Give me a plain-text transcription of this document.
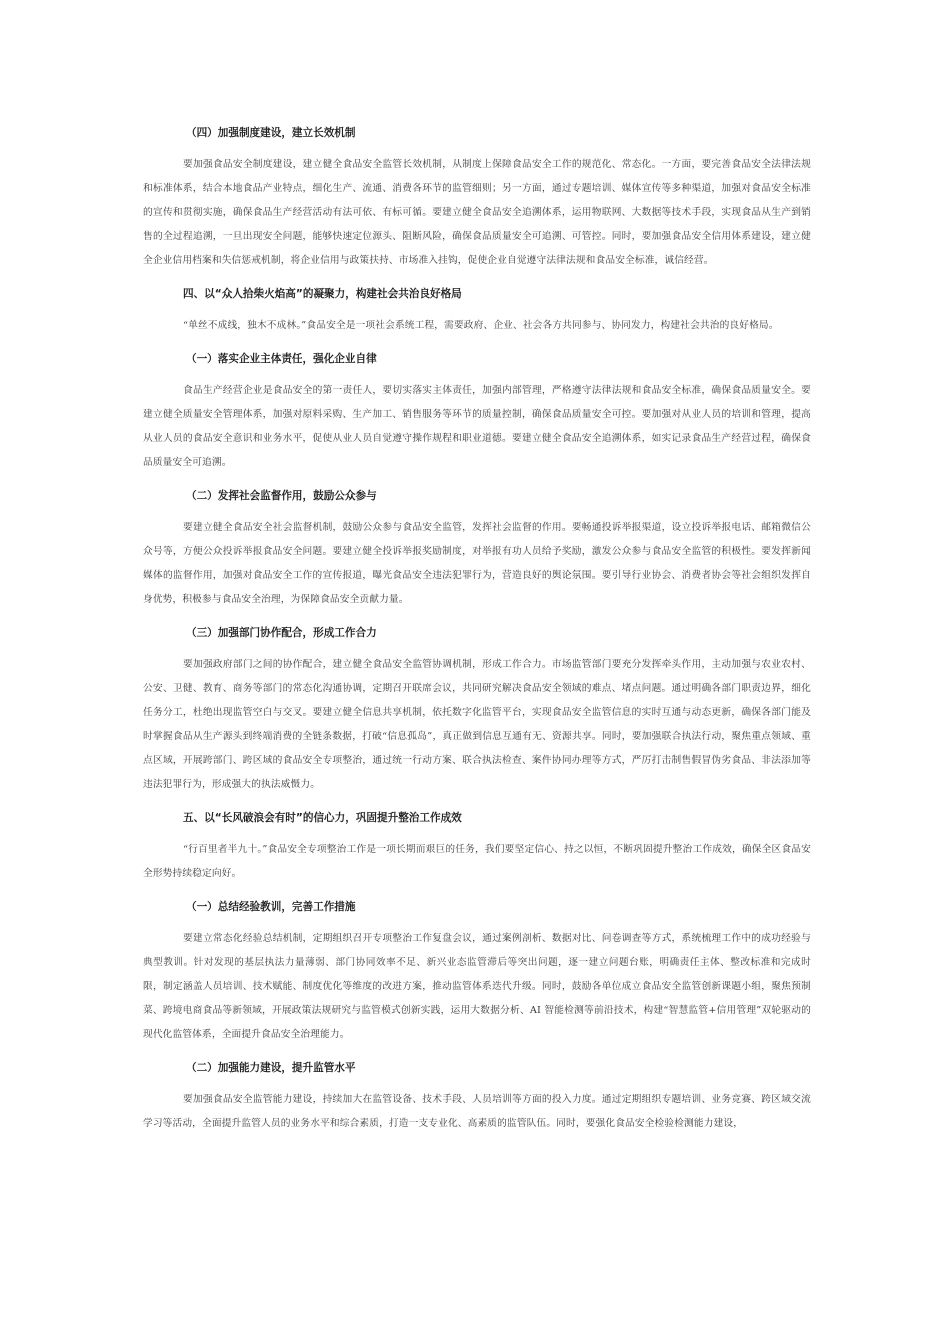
（四）加强制度建设，建立长效机制

要加强食品安全制度建设，建立健全食品安全监管长效机制，从制度上保障食品安全工作的规范化、常态化。一方面，要完善食品安全法律法规和标准体系，结合本地食品产业特点，细化生产、流通、消费各环节的监管细则；另一方面，通过专题培训、媒体宣传等多种渠道，加强对食品安全标准的宣传和贯彻实施，确保食品生产经营活动有法可依、有标可循。要建立健全食品安全追溯体系，运用物联网、大数据等技术手段，实现食品从生产到销售的全过程追溯，一旦出现安全问题，能够快速定位源头、阻断风险，确保食品质量安全可追溯、可管控。同时，要加强食品安全信用体系建设，建立健全企业信用档案和失信惩戒机制，将企业信用与政策扶持、市场准入挂钩，促使企业自觉遵守法律法规和食品安全标准，诚信经营。

四、以“众人拾柴火焰高”的凝聚力，构建社会共治良好格局

“单丝不成线，独木不成林。”食品安全是一项社会系统工程，需要政府、企业、社会各方共同参与、协同发力，构建社会共治的良好格局。

（一）落实企业主体责任，强化企业自律

食品生产经营企业是食品安全的第一责任人，要切实落实主体责任，加强内部管理，严格遵守法律法规和食品安全标准，确保食品质量安全。要建立健全质量安全管理体系，加强对原料采购、生产加工、销售服务等环节的质量控制，确保食品质量安全可控。要加强对从业人员的培训和管理，提高从业人员的食品安全意识和业务水平，促使从业人员自觉遵守操作规程和职业道德。要建立健全食品安全追溯体系，如实记录食品生产经营过程，确保食品质量安全可追溯。

（二）发挥社会监督作用，鼓励公众参与

要建立健全食品安全社会监督机制，鼓励公众参与食品安全监管，发挥社会监督的作用。要畅通投诉举报渠道，设立投诉举报电话、邮箱微信公众号等，方便公众投诉举报食品安全问题。要建立健全投诉举报奖励制度，对举报有功人员给予奖励，激发公众参与食品安全监管的积极性。要发挥新闻媒体的监督作用，加强对食品安全工作的宣传报道，曝光食品安全违法犯罪行为，营造良好的舆论氛围。要引导行业协会、消费者协会等社会组织发挥自身优势，积极参与食品安全治理，为保障食品安全贡献力量。

（三）加强部门协作配合，形成工作合力

要加强政府部门之间的协作配合，建立健全食品安全监管协调机制，形成工作合力。市场监管部门要充分发挥牵头作用，主动加强与农业农村、公安、卫健、教育、商务等部门的常态化沟通协调，定期召开联席会议，共同研究解决食品安全领域的难点、堵点问题。通过明确各部门职责边界，细化任务分工，杜绝出现监管空白与交叉。要建立健全信息共享机制，依托数字化监管平台，实现食品安全监管信息的实时互通与动态更新，确保各部门能及时掌握食品从生产源头到终端消费的全链条数据，打破“信息孤岛”，真正做到信息互通有无、资源共享。同时，要加强联合执法行动，聚焦重点领域、重点区域，开展跨部门、跨区域的食品安全专项整治，通过统一行动方案、联合执法检查、案件协同办理等方式，严厉打击制售假冒伪劣食品、非法添加等违法犯罪行为，形成强大的执法威慑力。

五、以“长风破浪会有时”的信心力，巩固提升整治工作成效

“行百里者半九十。”食品安全专项整治工作是一项长期而艰巨的任务，我们要坚定信心、持之以恒，不断巩固提升整治工作成效，确保全区食品安全形势持续稳定向好。

（一）总结经验教训，完善工作措施

要建立常态化经验总结机制，定期组织召开专项整治工作复盘会议，通过案例剖析、数据对比、问卷调查等方式，系统梳理工作中的成功经验与典型教训。针对发现的基层执法力量薄弱、部门协同效率不足、新兴业态监管滞后等突出问题，逐一建立问题台账，明确责任主体、整改标准和完成时限，制定涵盖人员培训、技术赋能、制度优化等维度的改进方案，推动监管体系迭代升级。同时，鼓励各单位成立食品安全监管创新课题小组，聚焦预制菜、跨境电商食品等新领域，开展政策法规研究与监管模式创新实践，运用大数据分析、AI 智能检测等前沿技术，构建“智慧监管+信用管理”双轮驱动的现代化监管体系，全面提升食品安全治理能力。

（二）加强能力建设，提升监管水平

要加强食品安全监管能力建设，持续加大在监管设备、技术手段、人员培训等方面的投入力度。通过定期组织专题培训、业务竞赛、跨区域交流学习等活动，全面提升监管人员的业务水平和综合素质，打造一支专业化、高素质的监管队伍。同时，要强化食品安全检验检测能力建设，
